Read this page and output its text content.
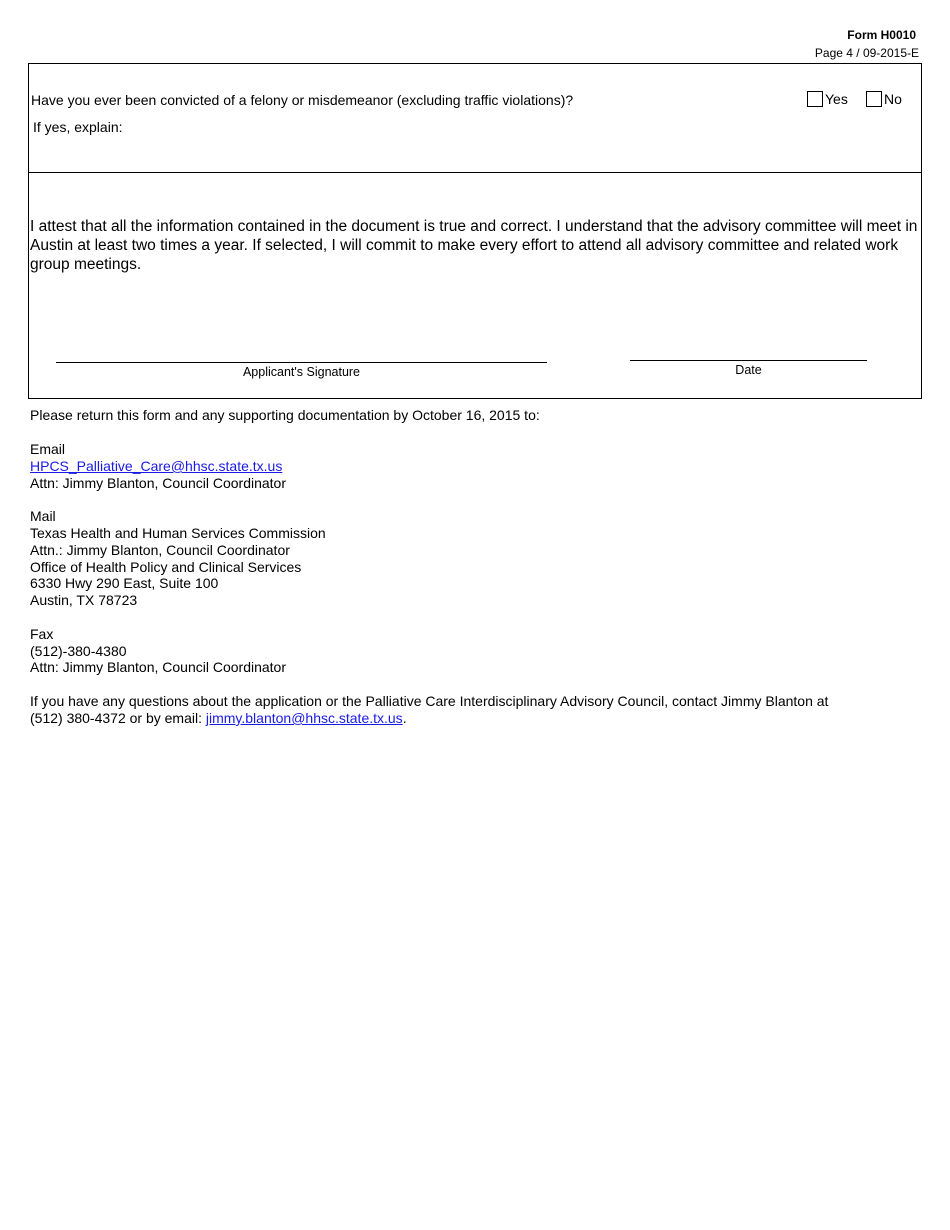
Form H0010
Page 4 / 09-2015-E
Have you ever been convicted of a felony or misdemeanor (excluding traffic violations)?	Yes	No
If yes, explain:
I attest that all the information contained in the document is true and correct. I understand that the advisory committee will meet in Austin at least two times a year. If selected, I will commit to make every effort to attend all advisory committee and related work group meetings.
Applicant's Signature	Date
Please return this form and any supporting documentation by October 16, 2015 to:
Email
HPCS_Palliative_Care@hhsc.state.tx.us
Attn: Jimmy Blanton, Council Coordinator
Mail
Texas Health and Human Services Commission
Attn.: Jimmy Blanton, Council Coordinator
Office of Health Policy and Clinical Services
6330 Hwy 290 East, Suite 100
Austin, TX 78723
Fax
(512)-380-4380
Attn: Jimmy Blanton, Council Coordinator
If you have any questions about the application or the Palliative Care Interdisciplinary Advisory Council, contact Jimmy Blanton at
(512) 380-4372 or by email: jimmy.blanton@hhsc.state.tx.us.
